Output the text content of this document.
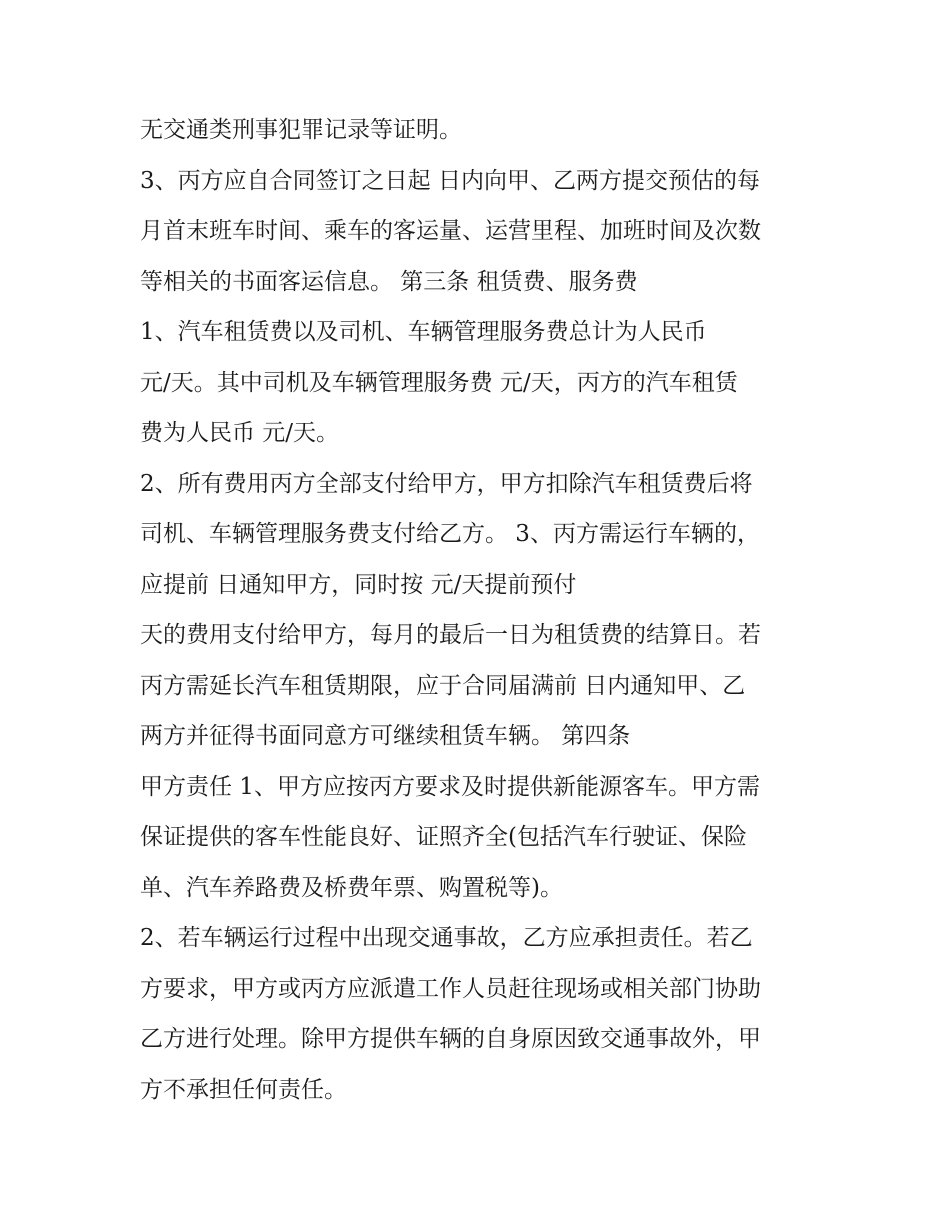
无交通类刑事犯罪记录等证明。
3、丙方应自合同签订之日起 日内向甲、乙两方提交预估的每
月首末班车时间、乘车的客运量、运营里程、加班时间及次数
等相关的书面客运信息。 第三条 租赁费、服务费
1、汽车租赁费以及司机、车辆管理服务费总计为人民币
元/天。其中司机及车辆管理服务费 元/天，丙方的汽车租赁
费为人民币 元/天。
2、所有费用丙方全部支付给甲方，甲方扣除汽车租赁费后将
司机、车辆管理服务费支付给乙方。 3、丙方需运行车辆的，
应提前 日通知甲方，同时按 元/天提前预付
天的费用支付给甲方，每月的最后一日为租赁费的结算日。若
丙方需延长汽车租赁期限，应于合同届满前 日内通知甲、乙
两方并征得书面同意方可继续租赁车辆。 第四条
甲方责任 1、甲方应按丙方要求及时提供新能源客车。甲方需
保证提供的客车性能良好、证照齐全(包括汽车行驶证、保险
单、汽车养路费及桥费年票、购置税等)。
2、若车辆运行过程中出现交通事故，乙方应承担责任。若乙
方要求，甲方或丙方应派遣工作人员赶往现场或相关部门协助
乙方进行处理。除甲方提供车辆的自身原因致交通事故外，甲
方不承担任何责任。
